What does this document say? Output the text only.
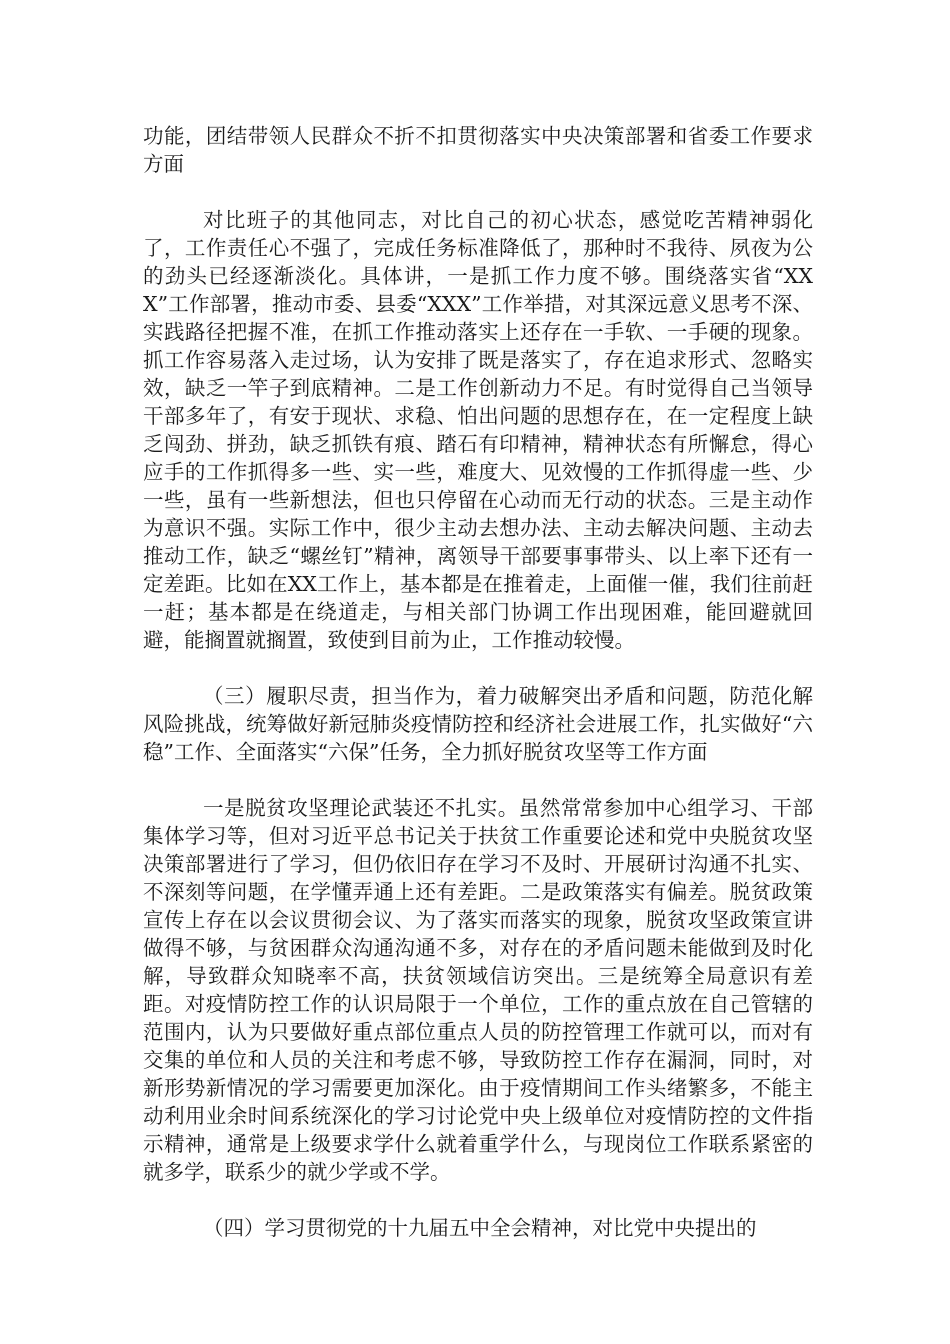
功能，团结带领人民群众不折不扣贯彻落实中央决策部署和省委工作要求方面

对比班子的其他同志，对比自己的初心状态，感觉吃苦精神弱化了，工作责任心不强了，完成任务标准降低了，那种时不我待、夙夜为公的劲头已经逐渐淡化。具体讲，一是抓工作力度不够。围绕落实省“XXX”工作部署，推动市委、县委“XXX”工作举措，对其深远意义思考不深、实践路径把握不准，在抓工作推动落实上还存在一手软、一手硬的现象。抓工作容易落入走过场，认为安排了既是落实了，存在追求形式、忽略实效，缺乏一竿子到底精神。二是工作创新动力不足。有时觉得自己当领导干部多年了，有安于现状、求稳、怕出问题的思想存在，在一定程度上缺乏闯劲、拼劲，缺乏抓铁有痕、踏石有印精神，精神状态有所懈怠，得心应手的工作抓得多一些、实一些，难度大、见效慢的工作抓得虚一些、少一些，虽有一些新想法，但也只停留在心动而无行动的状态。三是主动作为意识不强。实际工作中，很少主动去想办法、主动去解决问题、主动去推动工作，缺乏“螺丝钉”精神，离领导干部要事事带头、以上率下还有一定差距。比如在XX工作上，基本都是在推着走，上面催一催，我们往前赶一赶；基本都是在绕道走，与相关部门协调工作出现困难，能回避就回避，能搁置就搁置，致使到目前为止，工作推动较慢。

（三）履职尽责，担当作为，着力破解突出矛盾和问题，防范化解风险挑战，统筹做好新冠肺炎疫情防控和经济社会进展工作，扎实做好“六稳”工作、全面落实“六保”任务，全力抓好脱贫攻坚等工作方面

一是脱贫攻坚理论武装还不扎实。虽然常常参加中心组学习、干部集体学习等，但对习近平总书记关于扶贫工作重要论述和党中央脱贫攻坚决策部署进行了学习，但仍依旧存在学习不及时、开展研讨沟通不扎实、不深刻等问题，在学懂弄通上还有差距。二是政策落实有偏差。脱贫政策宣传上存在以会议贯彻会议、为了落实而落实的现象，脱贫攻坚政策宣讲做得不够，与贫困群众沟通沟通不多，对存在的矛盾问题未能做到及时化解，导致群众知晓率不高，扶贫领域信访突出。三是统筹全局意识有差距。对疫情防控工作的认识局限于一个单位，工作的重点放在自己管辖的范围内，认为只要做好重点部位重点人员的防控管理工作就可以，而对有交集的单位和人员的关注和考虑不够，导致防控工作存在漏洞，同时，对新形势新情况的学习需要更加深化。由于疫情期间工作头绪繁多，不能主动利用业余时间系统深化的学习讨论党中央上级单位对疫情防控的文件指示精神，通常是上级要求学什么就着重学什么，与现岗位工作联系紧密的就多学，联系少的就少学或不学。

（四）学习贯彻党的十九届五中全会精神，对比党中央提出的
